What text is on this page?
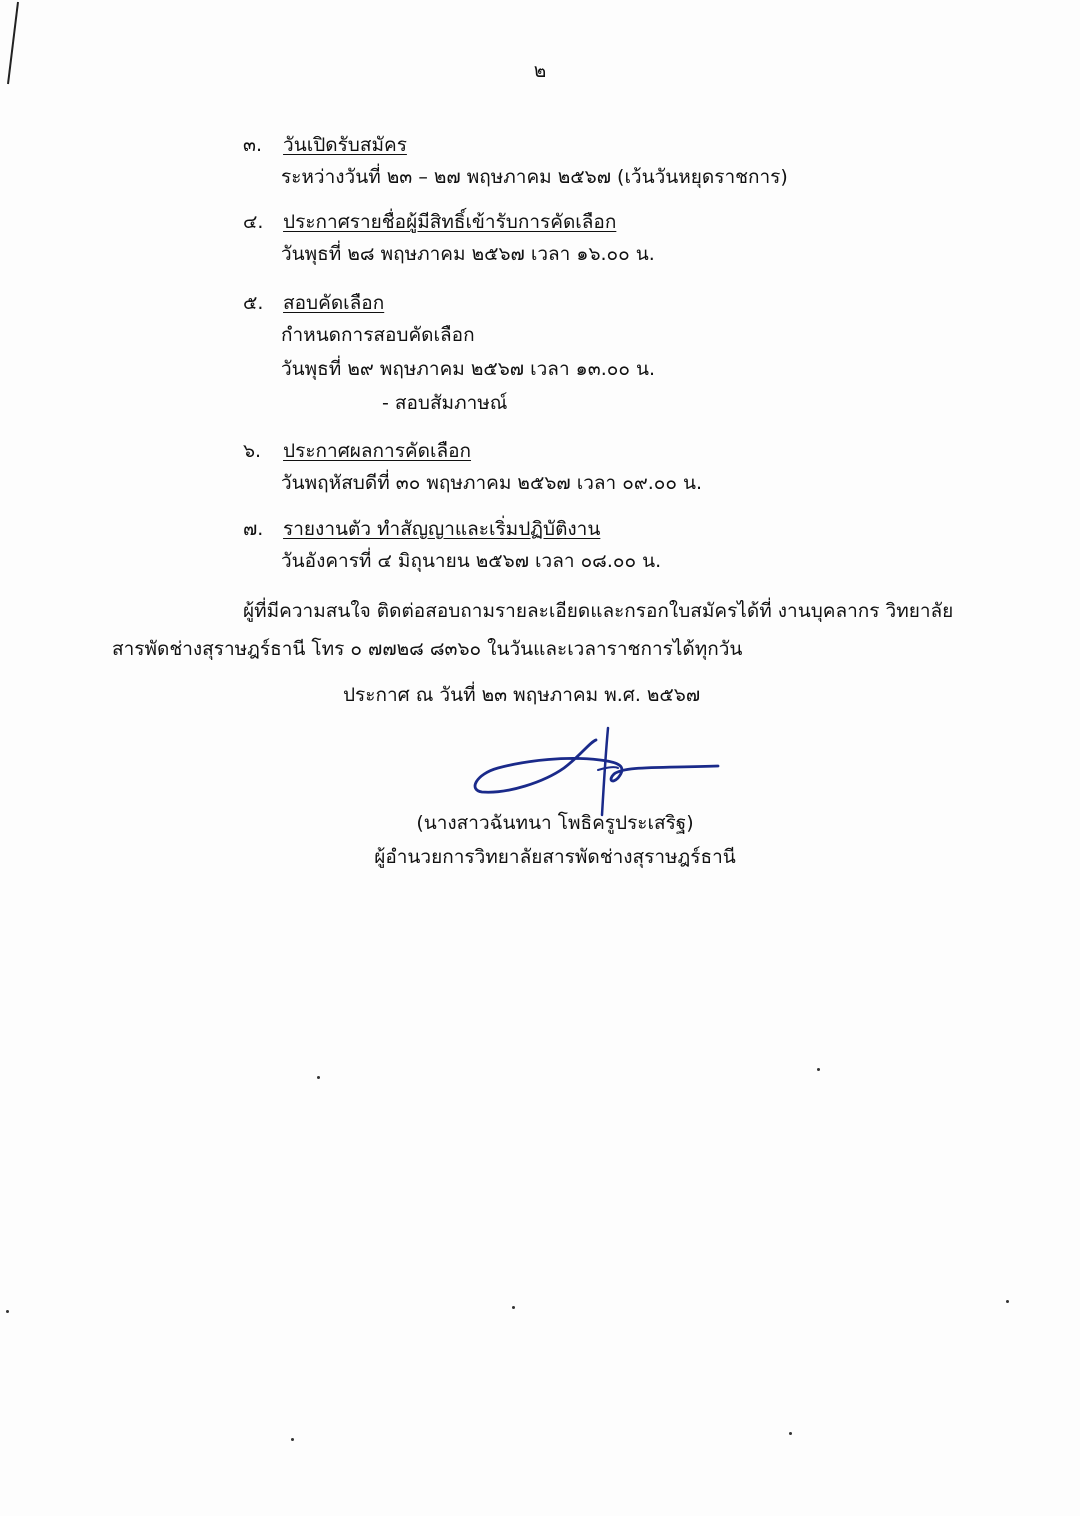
๒
๓. วันเปิดรับสมัคร
ระหว่างวันที่ ๒๓ – ๒๗ พฤษภาคม ๒๕๖๗ (เว้นวันหยุดราชการ)
๔. ประกาศรายชื่อผู้มีสิทธิ์เข้ารับการคัดเลือก
วันพุธที่ ๒๘ พฤษภาคม ๒๕๖๗ เวลา ๑๖.๐๐ น.
๕. สอบคัดเลือก
กำหนดการสอบคัดเลือก
วันพุธที่ ๒๙ พฤษภาคม ๒๕๖๗ เวลา ๑๓.๐๐ น.
- สอบสัมภาษณ์
๖. ประกาศผลการคัดเลือก
วันพฤหัสบดีที่ ๓๐ พฤษภาคม ๒๕๖๗ เวลา ๐๙.๐๐ น.
๗. รายงานตัว ทำสัญญาและเริ่มปฏิบัติงาน
วันอังคารที่ ๔ มิถุนายน ๒๕๖๗ เวลา ๐๘.๐๐ น.
ผู้ที่มีความสนใจ ติดต่อสอบถามรายละเอียดและกรอกใบสมัครได้ที่ งานบุคลากร วิทยาลัย
สารพัดช่างสุราษฎร์ธานี โทร ๐ ๗๗๒๘ ๘๓๖๐ ในวันและเวลาราชการได้ทุกวัน
ประกาศ ณ วันที่ ๒๓ พฤษภาคม พ.ศ. ๒๕๖๗
(นางสาวฉันทนา โพธิครูประเสริฐ)
ผู้อำนวยการวิทยาลัยสารพัดช่างสุราษฎร์ธานี
